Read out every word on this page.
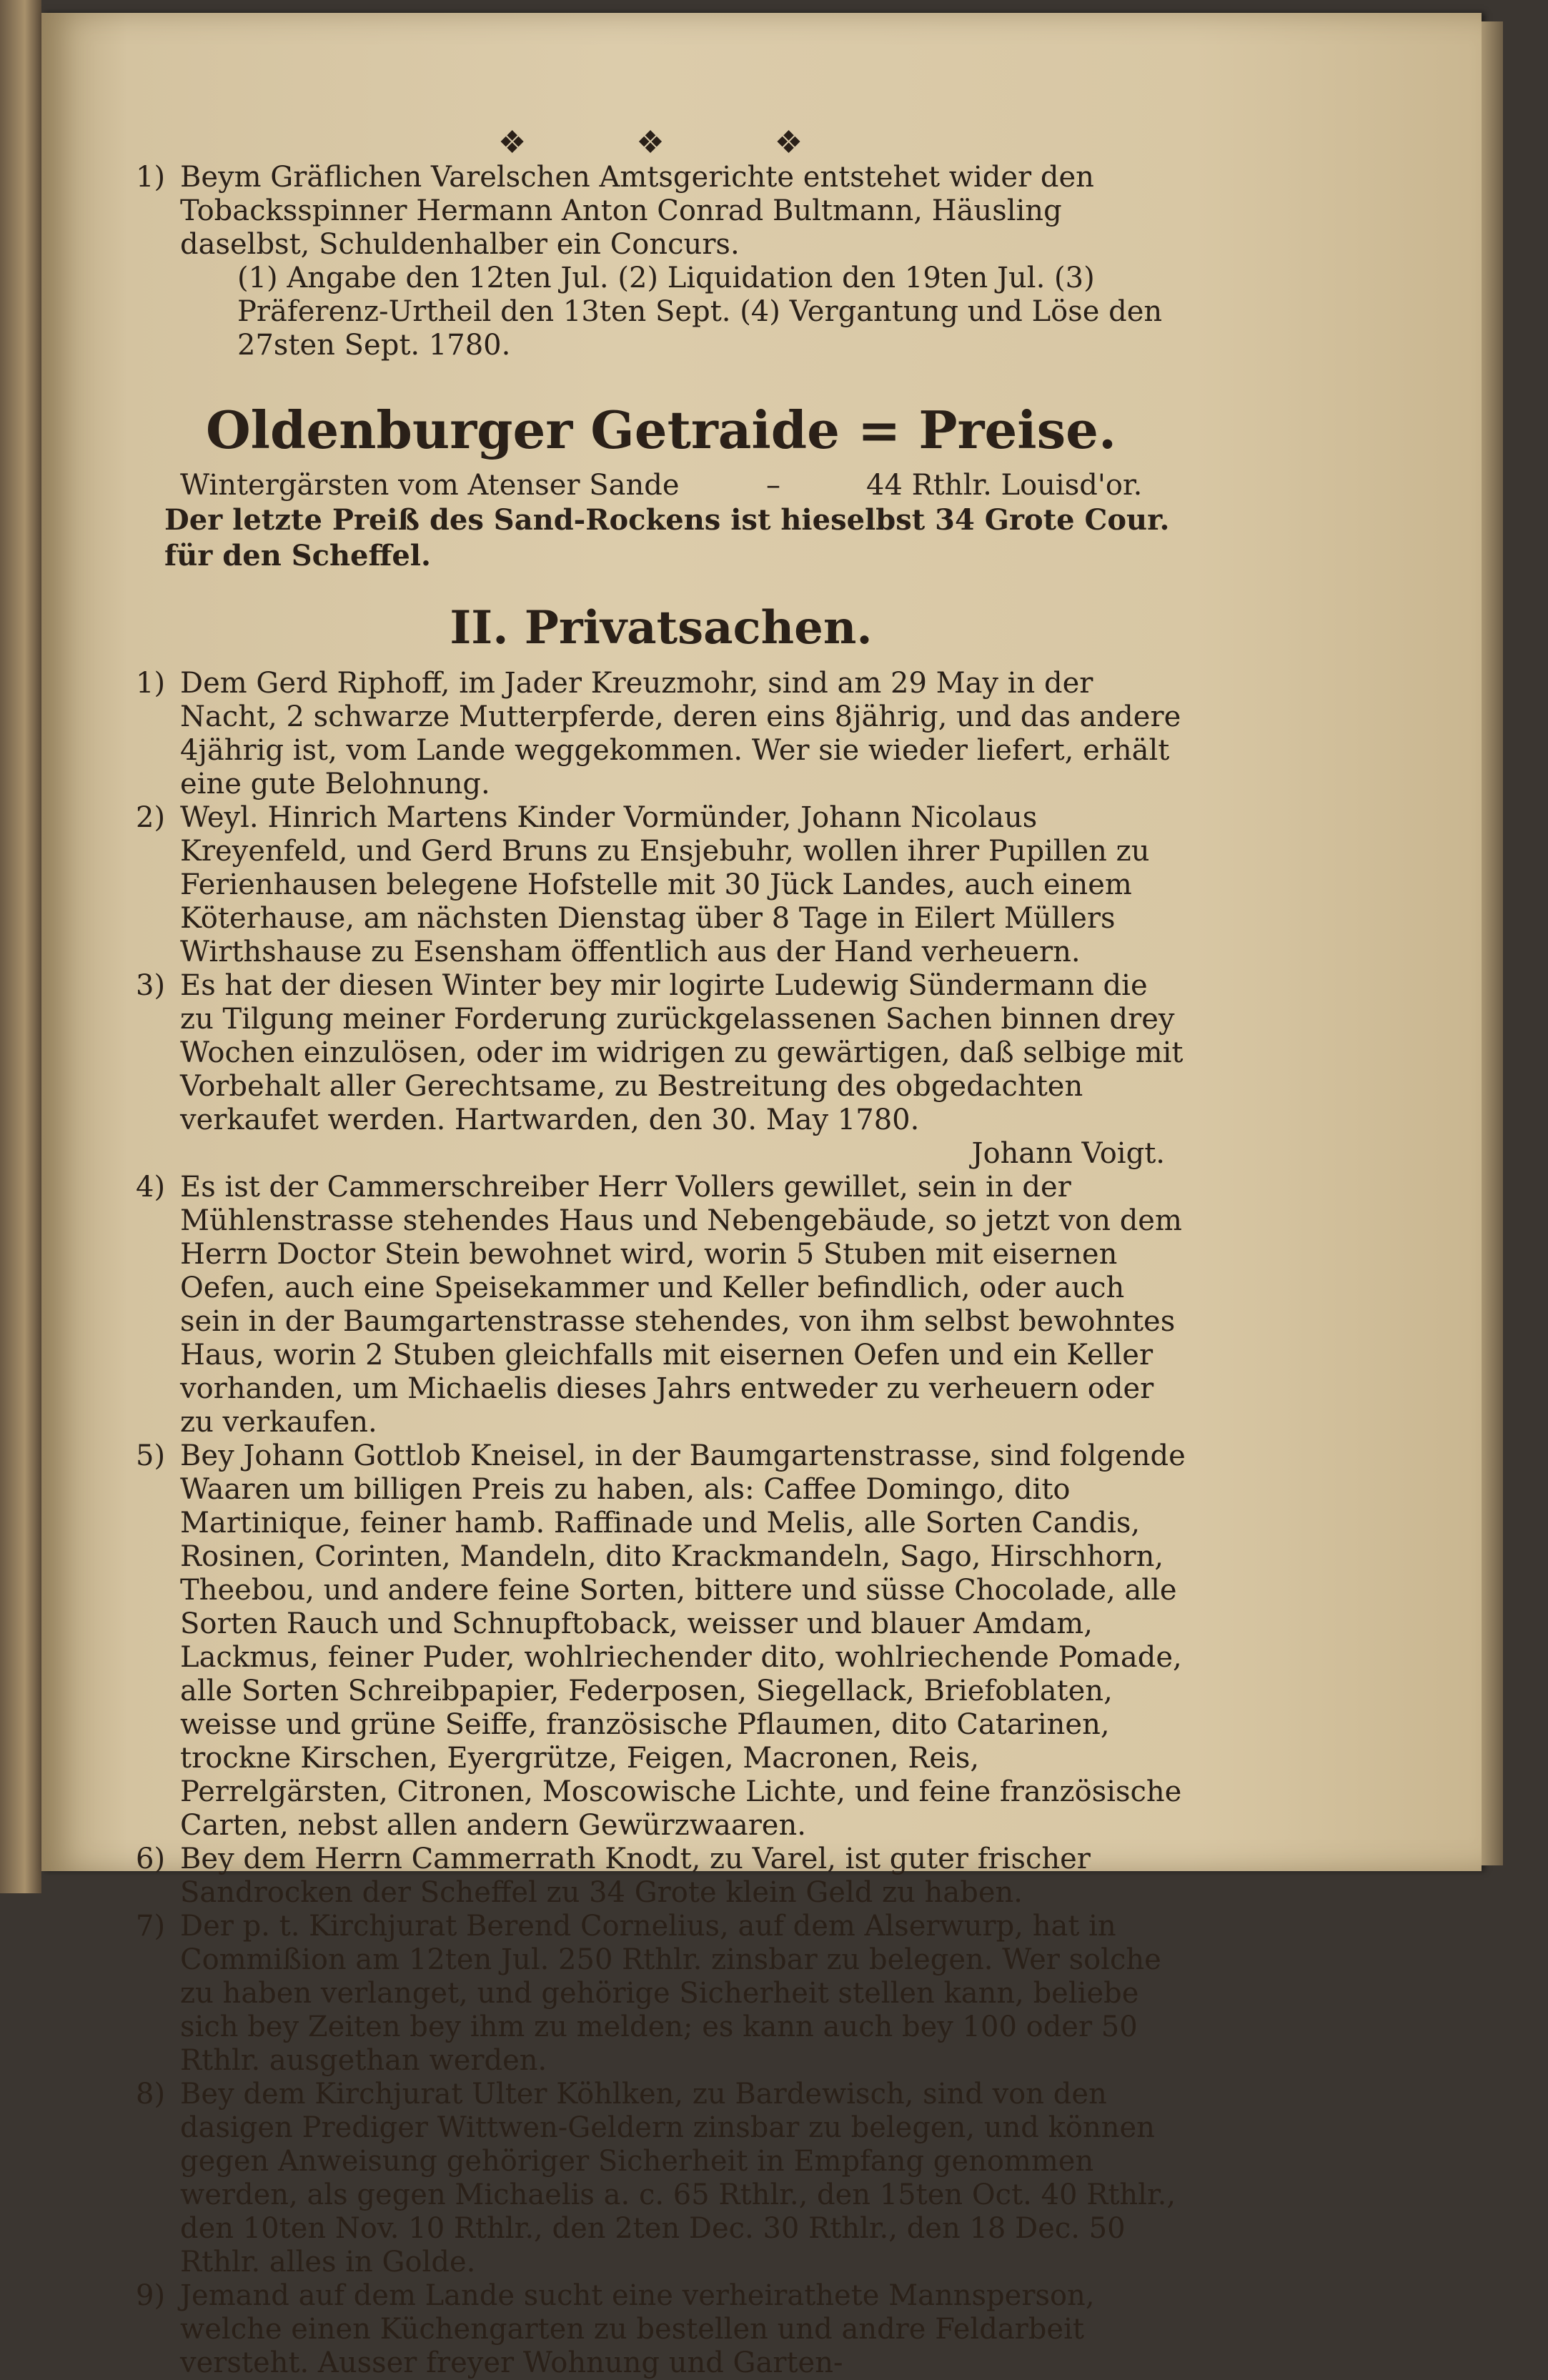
❖ ❖ ❖
1) Beym Gräflichen Varelschen Amtsgerichte entstehet wider den Tobacksspinner Hermann Anton Conrad Bultmann, Häusling daselbst, Schuldenhalber ein Concurs.
(1) Angabe den 12ten Jul. (2) Liquidation den 19ten Jul. (3) Präferenz-Urtheil den 13ten Sept. (4) Vergantung und Löse den 27sten Sept. 1780.
Oldenburger Getraide = Preise.
Wintergärsten vom Atenser Sande	–	44 Rthlr. Louisd'or.
Der letzte Preiß des Sand-Rockens ist hieselbst 34 Grote Cour. für den Scheffel.
II. Privatsachen.
1) Dem Gerd Riphoff, im Jader Kreuzmohr, sind am 29 May in der Nacht, 2 schwarze Mutterpferde, deren eins 8jährig, und das andere 4jährig ist, vom Lande weggekommen. Wer sie wieder liefert, erhält eine gute Belohnung.
2) Weyl. Hinrich Martens Kinder Vormünder, Johann Nicolaus Kreyenfeld, und Gerd Bruns zu Ensjebuhr, wollen ihrer Pupillen zu Ferienhausen belegene Hofstelle mit 30 Jück Landes, auch einem Köterhause, am nächsten Dienstag über 8 Tage in Eilert Müllers Wirthshause zu Esensham öffentlich aus der Hand verheuern.
3) Es hat der diesen Winter bey mir logirte Ludewig Sündermann die zu Tilgung meiner Forderung zurückgelassenen Sachen binnen drey Wochen einzulösen, oder im widrigen zu gewärtigen, daß selbige mit Vorbehalt aller Gerechtsame, zu Bestreitung des obgedachten verkaufet werden. Hartwarden, den 30. May 1780.
Johann Voigt.
4) Es ist der Cammerschreiber Herr Vollers gewillet, sein in der Mühlenstrasse stehendes Haus und Nebengebäude, so jetzt von dem Herrn Doctor Stein bewohnet wird, worin 5 Stuben mit eisernen Oefen, auch eine Speisekammer und Keller befindlich, oder auch sein in der Baumgartenstrasse stehendes, von ihm selbst bewohntes Haus, worin 2 Stuben gleichfalls mit eisernen Oefen und ein Keller vorhanden, um Michaelis dieses Jahrs entweder zu verheuern oder zu verkaufen.
5) Bey Johann Gottlob Kneisel, in der Baumgartenstrasse, sind folgende Waaren um billigen Preis zu haben, als: Caffee Domingo, dito Martinique, feiner hamb. Raffinade und Melis, alle Sorten Candis, Rosinen, Corinten, Mandeln, dito Krackmandeln, Sago, Hirschhorn, Theebou, und andere feine Sorten, bittere und süsse Chocolade, alle Sorten Rauch und Schnupftoback, weisser und blauer Amdam, Lackmus, feiner Puder, wohlriechender dito, wohlriechende Pomade, alle Sorten Schreibpapier, Federposen, Siegellack, Briefoblaten, weisse und grüne Seiffe, französische Pflaumen, dito Catarinen, trockne Kirschen, Eyergrütze, Feigen, Macronen, Reis, Perrelgärsten, Citronen, Moscowische Lichte, und feine französische Carten, nebst allen andern Gewürzwaaren.
6) Bey dem Herrn Cammerrath Knodt, zu Varel, ist guter frischer Sandrocken der Scheffel zu 34 Grote klein Geld zu haben.
7) Der p. t. Kirchjurat Berend Cornelius, auf dem Alserwurp, hat in Commißion am 12ten Jul. 250 Rthlr. zinsbar zu belegen. Wer solche zu haben verlanget, und gehörige Sicherheit stellen kann, beliebe sich bey Zeiten bey ihm zu melden; es kann auch bey 100 oder 50 Rthlr. ausgethan werden.
8) Bey dem Kirchjurat Ulter Köhlken, zu Bardewisch, sind von den dasigen Prediger Wittwen-Geldern zinsbar zu belegen, und können gegen Anweisung gehöriger Sicherheit in Empfang genommen werden, als gegen Michaelis a. c. 65 Rthlr., den 15ten Oct. 40 Rthlr., den 10ten Nov. 10 Rthlr., den 2ten Dec. 30 Rthlr., den 18 Dec. 50 Rthlr. alles in Golde.
9) Jemand auf dem Lande sucht eine verheirathete Mannsperson, welche einen Küchengarten zu bestellen und andre Feldarbeit versteht. Ausser freyer Wohnung und Garten-
